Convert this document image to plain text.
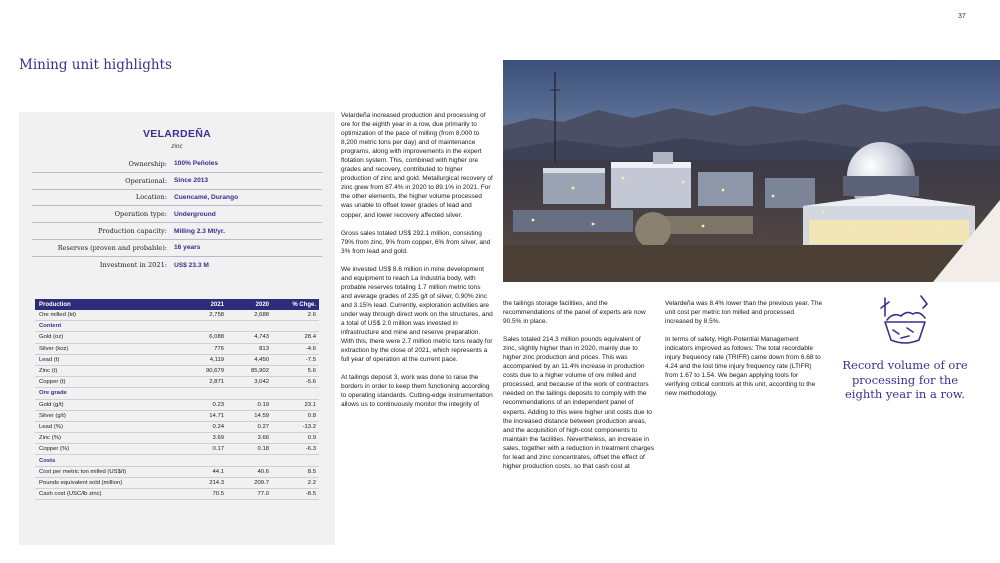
37
Mining unit highlights
VELARDEÑA
zinc
Ownership:	100% Peñoles
Operational:	Since 2013
Location:	Cuencamé, Durango
Operation type:	Underground
Production capacity:	Milling 2.3 Mt/yr.
Reserves (proven and probable):	16 years
Investment in 2021:	US$ 23.3 M
Production	2021	2020	% Chge.
Ore milled (kt)	2,758	2,688	2.6
Content
Gold (oz)	6,088	4,743	28.4
Silver (koz)	776	813	-4.6
Lead (t)	4,119	4,450	-7.5
Zinc (t)	90,679	85,902	5.6
Copper (t)	2,871	3,042	-5.6
Ore grade
Gold (g/t)	0.23	0.19	23.1
Silver (g/t)	14.71	14.59	0.8
Lead (%)	0.24	0.27	-13.2
Zinc (%)	3.69	3.66	0.9
Copper (%)	0.17	0.18	-6.3
Costs
Cost per metric ton milled (US$/t)	44.1	40.6	8.5
Pounds equivalent sold (million)	214.3	209.7	2.2
Cash cost (USC/lb zinc)	70.5	77.0	-8.5

Velardeña increased production and processing of ore for the eighth year in a row, due primarily to optimization of the pace of milling (from 8,000 to 8,200 metric tons per day) and of maintenance programs, along with improvements in the expert flotation system. This, combined with higher ore grades and recovery, contributed to higher production of zinc and gold. Metallurgical recovery of zinc grew from 87.4% in 2020 to 89.1% in 2021. For the other elements, the higher volume processed was unable to offset lower grades of lead and copper, and lower recovery affected silver.

Gross sales totaled US$ 292.1 million, consisting 79% from zinc, 9% from copper, 6% from silver, and 3% from lead and gold.

We invested US$ 8.6 million in mine development and equipment to reach La Industria body, with probable reserves totaling 1.7 million metric tons and average grades of 235 g/t of silver, 0.90% zinc and 3.15% lead. Currently, exploration activities are under way through direct work on the structures, and a total of US$ 2.0 million was invested in infrastructure and mine and reserve preparation. With this, there were 2.7 million metric tons ready for extraction by the close of 2021, which represents a full year of operation at the current pace.

At tailings deposit 3, work was done to raise the borders in order to keep them functioning according to operating standards. Cutting-edge instrumentation allows us to continuously monitor the integrity of

the tailings storage facilities, and the recommendations of the panel of experts are now 90.5% in place.

Sales totaled 214.3 million pounds equivalent of zinc, slightly higher than in 2020, mainly due to higher zinc production and prices. This was accompanied by an 11.4% increase in production costs due to a higher volume of ore milled and processed, and because of the work of contractors needed on the tailings deposits to comply with the recommendations of an independent panel of experts. Adding to this were higher unit costs due to the increased distance between production areas, and the acquisition of high-cost components to maintain the facilities. Nevertheless, an increase in sales, together with a reduction in treatment charges for lead and zinc concentrates, offset the effect of higher production costs, so that cash cost at

Velardeña was 8.4% lower than the previous year. The unit cost per metric ton milled and processed increased by 8.5%.

In terms of safety, High-Potential Management indicators improved as follows: The total recordable injury frequency rate (TRIFR) came down from 6.68 to 4.24 and the lost time injury frequency rate (LTIFR) from 1.67 to 1.54. We began applying tools for verifying critical controls at this unit, according to the new methodology.

Record volume of ore processing for the eighth year in a row.
